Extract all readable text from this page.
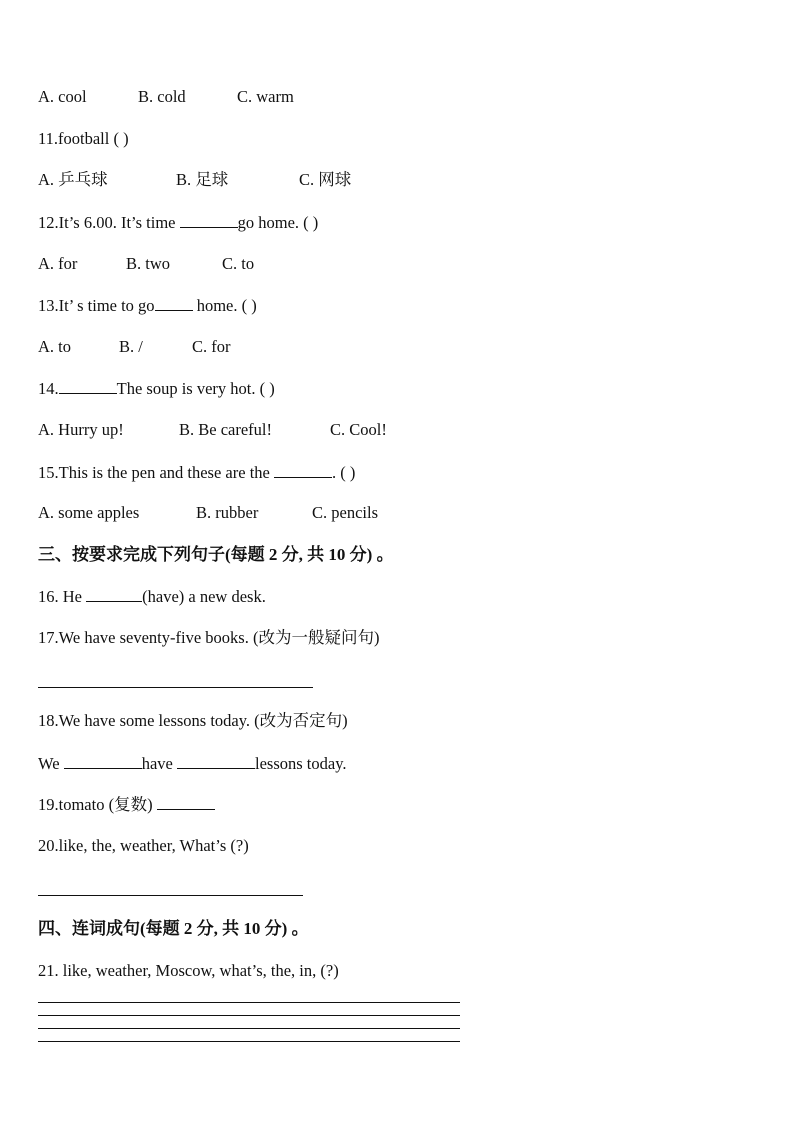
A. cool	B. cold	C. warm
11.football ( )
A. 乒乓球	B. 足球	C. 网球
12.It’s 6.00. It’s time	go home. ( )
A. for	B. two	C. to
13.It’ s time to go	home. ( )
A. to	B. /	C. for
14.	The soup is very hot. ( )
A. Hurry up!	B. Be careful!	C. Cool!
15.This is the pen and these are the	. ( )
A. some apples	B. rubber	C. pencils
三、按要求完成下列句子(每题 2 分, 共 10 分) 。
16. He	(have) a new desk.
17.We have seventy-five books. (改为一般疑问句)
18.We have some lessons today. (改为否定句)
We	have	lessons today.
19.tomato (复数)
20.like, the, weather, What’s (?)
四、连词成句(每题 2 分, 共 10 分) 。
21. like, weather, Moscow, what’s, the, in, (?)
